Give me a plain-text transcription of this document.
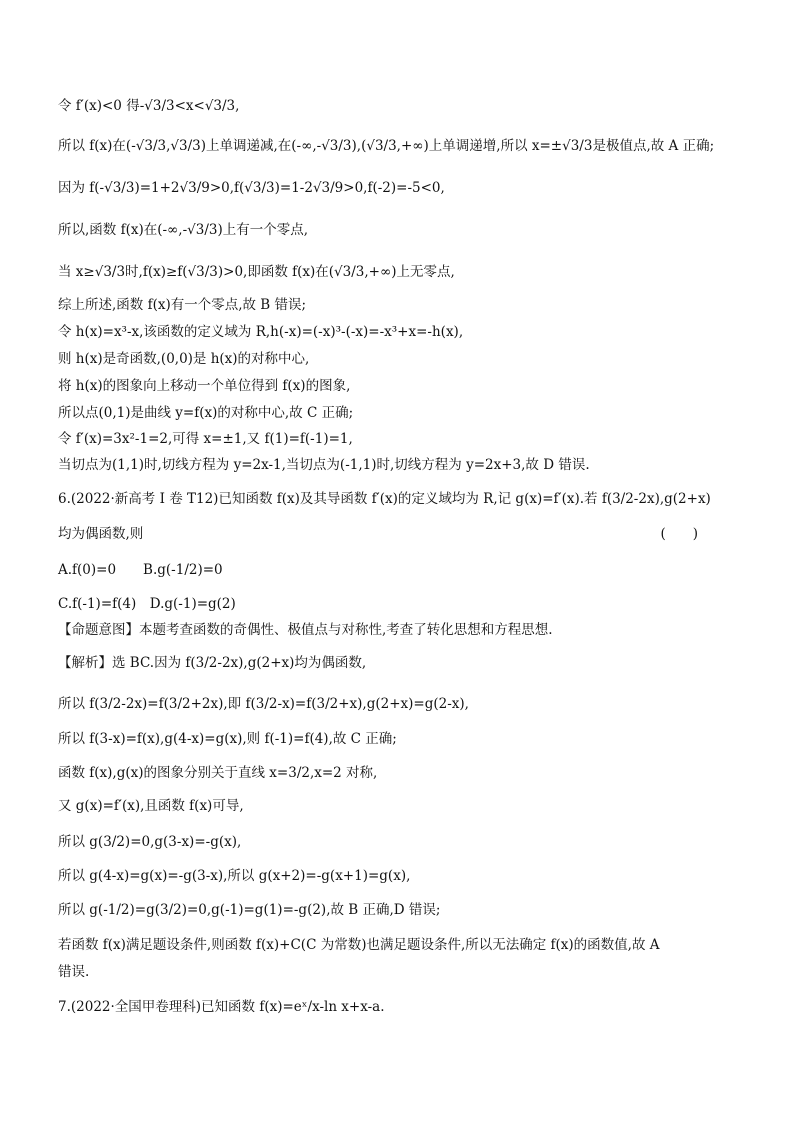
令 f′(x)<0 得-√3/3<x<√3/3,
所以 f(x)在(-√3/3,√3/3)上单调递减,在(-∞,-√3/3),(√3/3,+∞)上单调递增,所以 x=±√3/3是极值点,故 A 正确;
因为 f(-√3/3)=1+2√3/9>0,f(√3/3)=1-2√3/9>0,f(-2)=-5<0,
所以,函数 f(x)在(-∞,-√3/3)上有一个零点,
当 x≥√3/3时,f(x)≥f(√3/3)>0,即函数 f(x)在(√3/3,+∞)上无零点,
综上所述,函数 f(x)有一个零点,故 B 错误;
令 h(x)=x³-x,该函数的定义域为 R,h(-x)=(-x)³-(-x)=-x³+x=-h(x),
则 h(x)是奇函数,(0,0)是 h(x)的对称中心,
将 h(x)的图象向上移动一个单位得到 f(x)的图象,
所以点(0,1)是曲线 y=f(x)的对称中心,故 C 正确;
令 f′(x)=3x²-1=2,可得 x=±1,又 f(1)=f(-1)=1,
当切点为(1,1)时,切线方程为 y=2x-1,当切点为(-1,1)时,切线方程为 y=2x+3,故 D 错误.
6.(2022·新高考 I 卷 T12)已知函数 f(x)及其导函数 f′(x)的定义域均为 R,记 g(x)=f′(x).若 f(3/2-2x),g(2+x)
均为偶函数,则	(　　)
A.f(0)=0　　B.g(-1/2)=0
C.f(-1)=f(4)　D.g(-1)=g(2)
【命题意图】本题考查函数的奇偶性、极值点与对称性,考查了转化思想和方程思想.
【解析】选 BC.因为 f(3/2-2x),g(2+x)均为偶函数,
所以 f(3/2-2x)=f(3/2+2x),即 f(3/2-x)=f(3/2+x),g(2+x)=g(2-x),
所以 f(3-x)=f(x),g(4-x)=g(x),则 f(-1)=f(4),故 C 正确;
函数 f(x),g(x)的图象分别关于直线 x=3/2,x=2 对称,
又 g(x)=f′(x),且函数 f(x)可导,
所以 g(3/2)=0,g(3-x)=-g(x),
所以 g(4-x)=g(x)=-g(3-x),所以 g(x+2)=-g(x+1)=g(x),
所以 g(-1/2)=g(3/2)=0,g(-1)=g(1)=-g(2),故 B 正确,D 错误;
若函数 f(x)满足题设条件,则函数 f(x)+C(C 为常数)也满足题设条件,所以无法确定 f(x)的函数值,故 A
错误.
7.(2022·全国甲卷理科)已知函数 f(x)=eˣ/x-ln x+x-a.
